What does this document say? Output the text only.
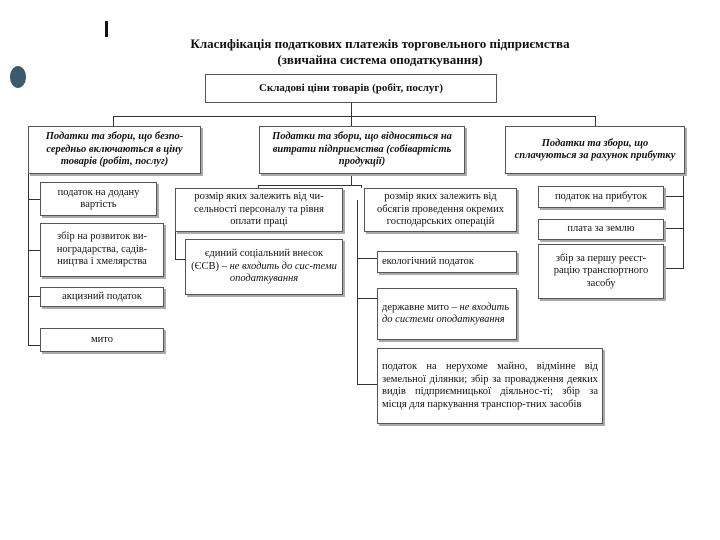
Класифікація податкових платежів торговельного підприємства
(звичайна система оподаткування)
Складові ціни товарів (робіт, послуг)
Податки та збори, що безпо-середньо включаються в ціну товарів (робіт, послуг)
Податки та збори, що відносяться на витрати підприємства (собівартість продукції)
Податки та збори, що сплачуються за рахунок прибутку
податок на додану вартість
збір на розвиток ви-ноградарства, садів-ництва і хмелярства
акцизний податок
мито
розмір яких залежить від чи-сельності персоналу та рівня оплати праці
розмір яких залежить від обсягів проведення окремих господарських операцій
єдиний соціальний внесок (ЄСВ) – не входить до сис-теми оподаткування
екологічний податок
державне мито – не входить до системи оподаткування
податок на нерухоме майно, відмінне від земельної ділянки; збір за провадження деяких видів підприємницької діяльнос-ті; збір за місця для паркування транспор-тних засобів
податок на прибуток
плата за землю
збір за першу реєст-рацію транспортного засобу
